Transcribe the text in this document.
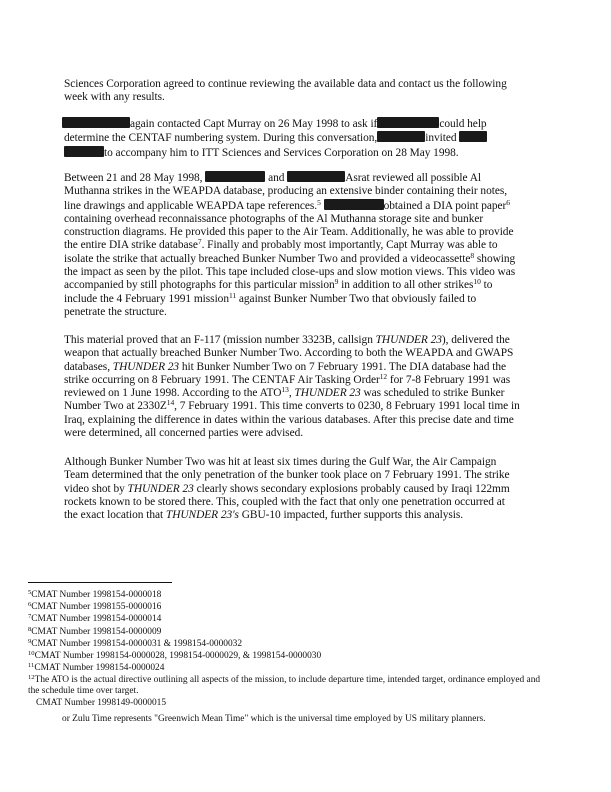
Sciences Corporation agreed to continue reviewing the available data and contact us the following week with any results.

again contacted Capt Murray on 26 May 1998 to ask if	could help determine the CENTAF numbering system. During this conversation,	invited to accompany him to ITT Sciences and Services Corporation on 28 May 1998.

Between 21 and 28 May 1998,	and	Asrat reviewed all possible Al Muthanna strikes in the WEAPDA database, producing an extensive binder containing their notes, line drawings and applicable WEAPDA tape references.$^5$	obtained a DIA point paper$^6$ containing overhead reconnaissance photographs of the Al Muthanna storage site and bunker construction diagrams. He provided this paper to the Air Team. Additionally, he was able to provide the entire DIA strike database$^7$. Finally and probably most importantly, Capt Murray was able to isolate the strike that actually breached Bunker Number Two and provided a videocassette$^8$ showing the impact as seen by the pilot. This tape included close-ups and slow motion views. This video was accompanied by still photographs for this particular mission$^9$ in addition to all other strikes$^{10}$ to include the 4 February 1991 mission$^{11}$ against Bunker Number Two that obviously failed to penetrate the structure.

This material proved that an F-117 (mission number 3323B, callsign THUNDER 23), delivered the weapon that actually breached Bunker Number Two. According to both the WEAPDA and GWAPS databases, THUNDER 23 hit Bunker Number Two on 7 February 1991. The DIA database had the strike occurring on 8 February 1991. The CENTAF Air Tasking Order$^{12}$ for 7-8 February 1991 was reviewed on 1 June 1998. According to the ATO$^{13}$, THUNDER 23 was scheduled to strike Bunker Number Two at $2330Z^{14}$, 7 February 1991. This time converts to 0230, 8 February 1991 local time in Iraq, explaining the difference in dates within the various databases. After this precise date and time were determined, all concerned parties were advised.

Although Bunker Number Two was hit at least six times during the Gulf War, the Air Campaign Team determined that the only penetration of the bunker took place on 7 February 1991. The strike video shot by THUNDER 23 clearly shows secondary explosions probably caused by Iraqi 122mm rockets known to be stored there. This, coupled with the fact that only one penetration occurred at the exact location that THUNDER 23's GBU-10 impacted, further supports this analysis.

$^5$CMAT Number 1998154-0000018

$^6$CMAT Number 1998155-0000016

$^7$CMAT Number 1998154-0000014

$^8$CMAT Number 1998154-0000009

$^9$CMAT Number 1998154-0000031 & 1998154-0000032

$^{10}$CMAT Number 1998154-0000028, 1998154-0000029, & 1998154-0000030

$^{11}$CMAT Number 1998154-0000024

$^{12}$The ATO is the actual directive outlining all aspects of the mission, to include departure time, intended target, ordinance employed and the schedule time over target.

CMAT Number 1998149-0000015

or Zulu Time represents "Greenwich Mean Time" which is the universal time employed by US military planners.
